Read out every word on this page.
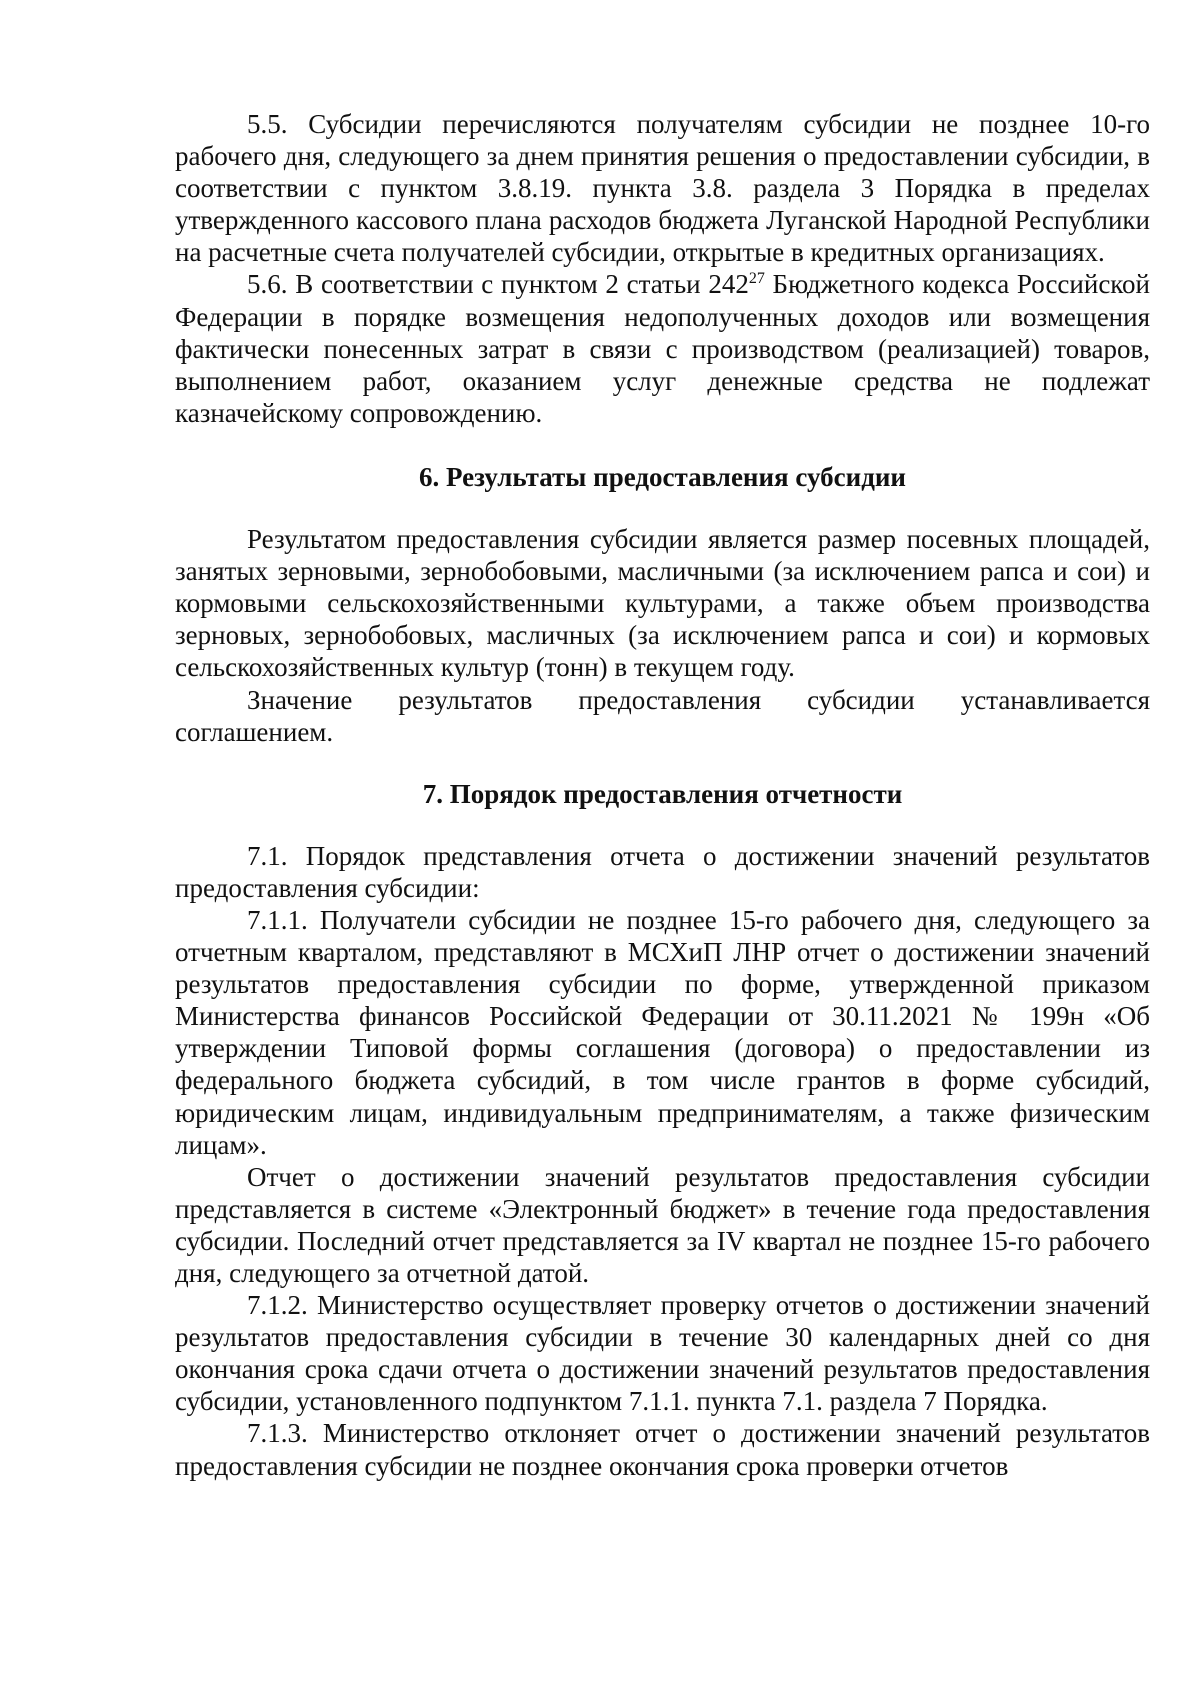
5.5. Субсидии перечисляются получателям субсидии не позднее 10-го рабочего дня, следующего за днем принятия решения о предоставлении субсидии, в соответствии с пунктом 3.8.19. пункта 3.8. раздела 3 Порядка в пределах утвержденного кассового плана расходов бюджета Луганской Народной Республики на расчетные счета получателей субсидии, открытые в кредитных организациях.

5.6. В соответствии с пунктом 2 статьи $242^{27}$ Бюджетного кодекса Российской Федерации в порядке возмещения недополученных доходов или возмещения фактически понесенных затрат в связи с производством (реализацией) товаров, выполнением работ, оказанием услуг денежные средства не подлежат казначейскому сопровождению.

6. Результаты предоставления субсидии

Результатом предоставления субсидии является размер посевных площадей, занятых зерновыми, зернобобовыми, масличными (за исключением рапса и сои) и кормовыми сельскохозяйственными культурами, а также объем производства зерновых, зернобобовых, масличных (за исключением рапса и сои) и кормовых сельскохозяйственных культур (тонн) в текущем году.

Значение результатов предоставления субсидии устанавливается соглашением.

7. Порядок предоставления отчетности

7.1. Порядок представления отчета о достижении значений результатов предоставления субсидии:

7.1.1. Получатели субсидии не позднее 15-го рабочего дня, следующего за отчетным кварталом, представляют в МСХиП ЛНР отчет о достижении значений результатов предоставления субсидии по форме, утвержденной приказом Министерства финансов Российской Федерации от 30.11.2021 № 199н «Об утверждении Типовой формы соглашения (договора) о предоставлении из федерального бюджета субсидий, в том числе грантов в форме субсидий, юридическим лицам, индивидуальным предпринимателям, а также физическим лицам».

Отчет о достижении значений результатов предоставления субсидии представляется в системе «Электронный бюджет» в течение года предоставления субсидии. Последний отчет представляется за IV квартал не позднее 15-го рабочего дня, следующего за отчетной датой.

7.1.2. Министерство осуществляет проверку отчетов о достижении значений результатов предоставления субсидии в течение 30 календарных дней со дня окончания срока сдачи отчета о достижении значений результатов предоставления субсидии, установленного подпунктом 7.1.1. пункта 7.1. раздела 7 Порядка.

7.1.3. Министерство отклоняет отчет о достижении значений результатов предоставления субсидии не позднее окончания срока проверки отчетов
